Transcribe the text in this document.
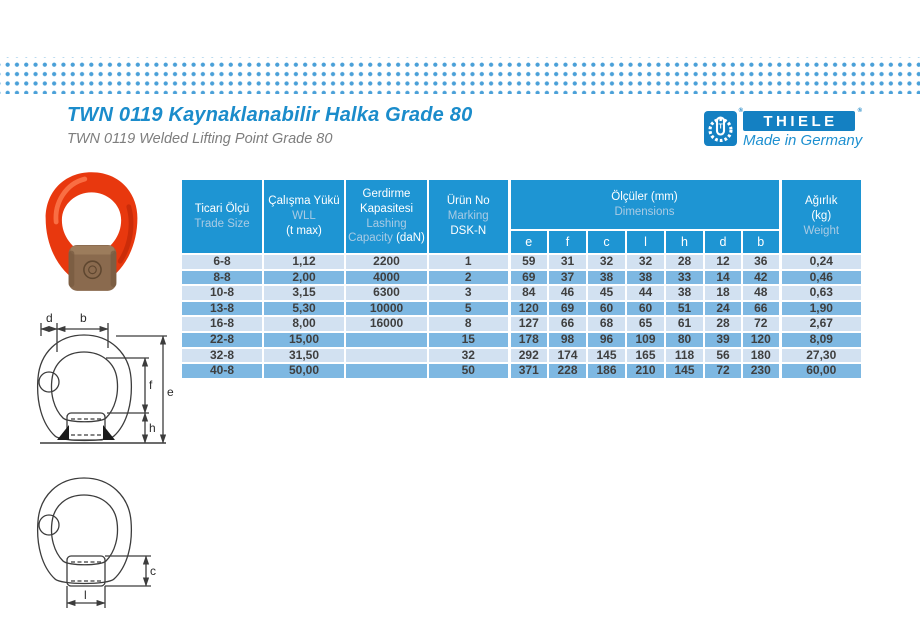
TWN 0119 Kaynaklanabilir Halka Grade 80
TWN 0119 Welded Lifting Point Grade 80
T
®
THIELE
®
Made in Germany
d b
f e
h
c
l
Ticari Ölçü
Trade Size

Çalışma Yükü
WLL
(t max)

Gerdirme Kapasitesi
Lashing
Capacity (daN)

Ürün No
Marking
DSK-N

Ölçüler (mm)
Dimensions

Ağırlık
(kg)
Weight

				e	f	c	l	h	d	b	
6-8	1,12	2200	1	59	31	32	32	28	12	36	0,24
8-8	2,00	4000	2	69	37	38	38	33	14	42	0,46
10-8	3,15	6300	3	84	46	45	44	38	18	48	0,63
13-8	5,30	10000	5	120	69	60	60	51	24	66	1,90
16-8	8,00	16000	8	127	66	68	65	61	28	72	2,67
22-8	15,00		15	178	98	96	109	80	39	120	8,09
32-8	31,50		32	292	174	145	165	118	56	180	27,30
40-8	50,00		50	371	228	186	210	145	72	230	60,00
